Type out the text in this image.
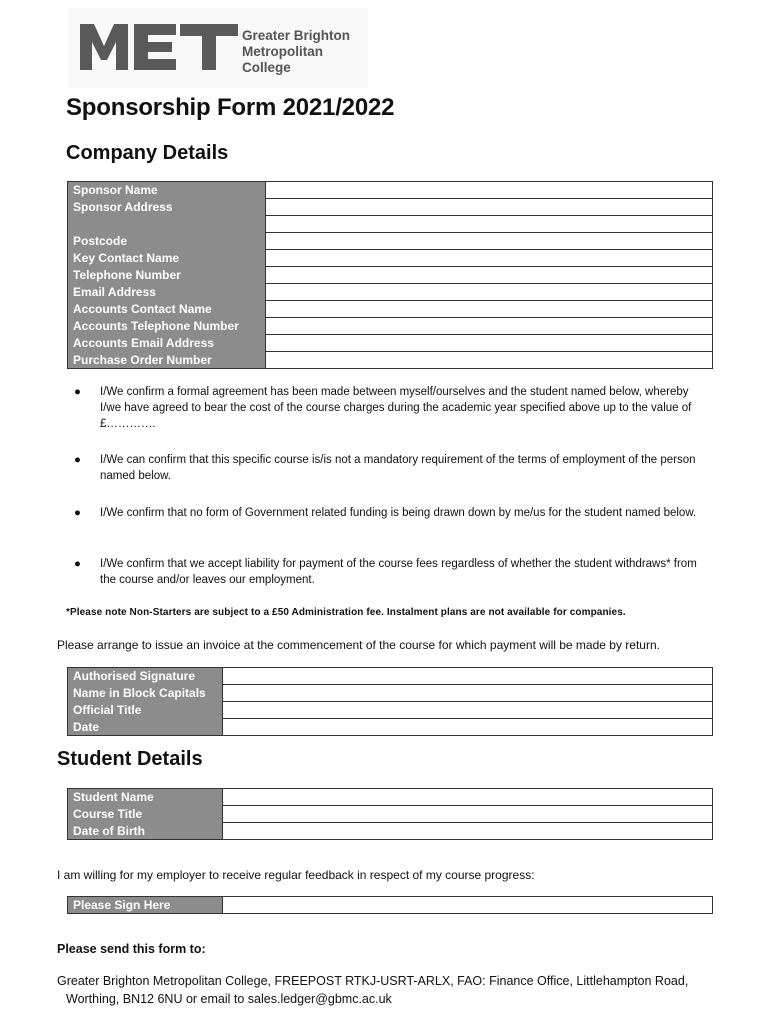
Greater Brighton
Metropolitan
College
Sponsorship Form 2021/2022
Company Details
Sponsor Name	
Sponsor Address	

Postcode	
Key Contact Name	
Telephone Number	
Email Address	
Accounts Contact Name	
Accounts Telephone Number	
Accounts Email Address	
Purchase Order Number	
● I/We confirm a formal agreement has been made between myself/ourselves and the student named below, whereby I/we have agreed to bear the cost of the course charges during the academic year specified above up to the value of £………….
● I/We can confirm that this specific course is/is not a mandatory requirement of the terms of employment of the person named below.
● I/We confirm that no form of Government related funding is being drawn down by me/us for the student named below.
● I/We confirm that we accept liability for payment of the course fees regardless of whether the student withdraws* from the course and/or leaves our employment.
*Please note Non-Starters are subject to a £50 Administration fee. Instalment plans are not available for companies.
Please arrange to issue an invoice at the commencement of the course for which payment will be made by return.
Authorised Signature	
Name in Block Capitals	
Official Title	
Date	
Student Details
Student Name	
Course Title	
Date of Birth	
I am willing for my employer to receive regular feedback in respect of my course progress:
Please Sign Here	
Please send this form to:
Greater Brighton Metropolitan College, FREEPOST RTKJ-USRT-ARLX, FAO: Finance Office, Littlehampton Road,
Worthing, BN12 6NU or email to sales.ledger@gbmc.ac.uk
